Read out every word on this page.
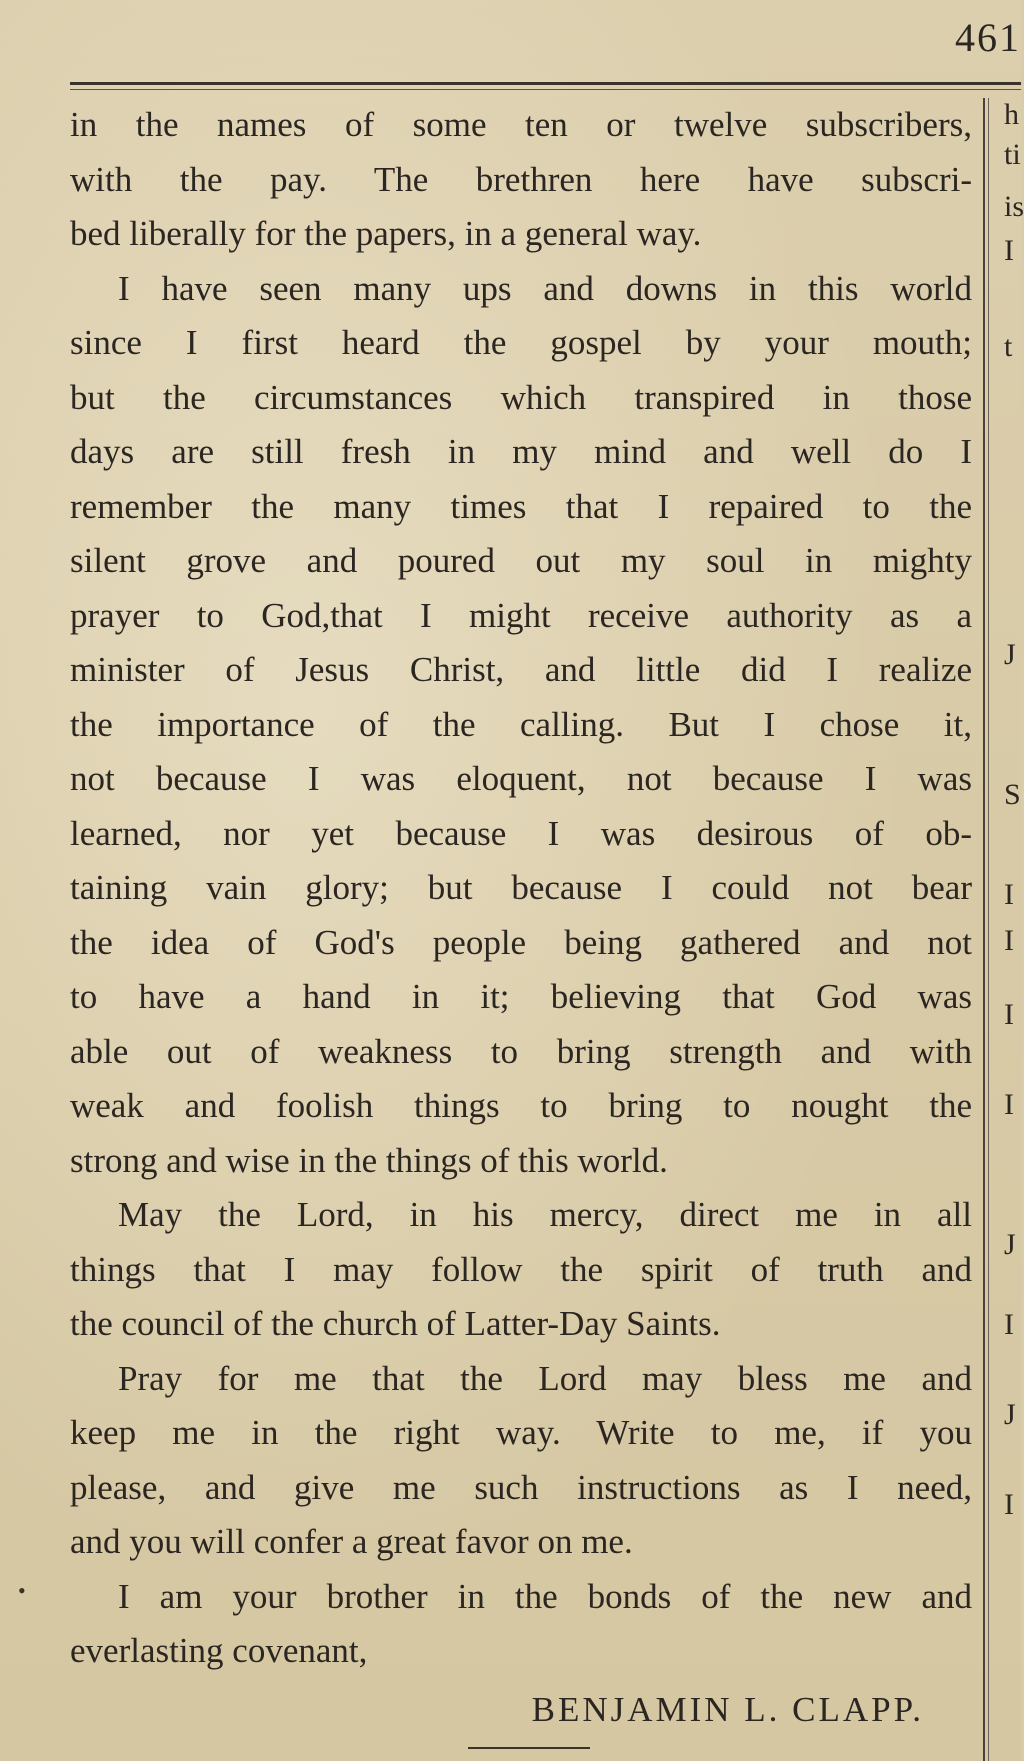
461
in the names of some ten or twelve subscribers,
with the pay. The brethren here have subscri-
bed liberally for the papers, in a general way.
I have seen many ups and downs in this world
since I first heard the gospel by your mouth;
but the circumstances which transpired in those
days are still fresh in my mind and well do I
remember the many times that I repaired to the
silent grove and poured out my soul in mighty
prayer to God,that I might receive authority as a
minister of Jesus Christ, and little did I realize
the importance of the calling. But I chose it,
not because I was eloquent, not because I was
learned, nor yet because I was desirous of ob-
taining vain glory; but because I could not bear
the idea of God's people being gathered and not
to have a hand in it; believing that God was
able out of weakness to bring strength and with
weak and foolish things to bring to nought the
strong and wise in the things of this world.
May the Lord, in his mercy, direct me in all
things that I may follow the spirit of truth and
the council of the church of Latter-Day Saints.
Pray for me that the Lord may bless me and
keep me in the right way. Write to me, if you
please, and give me such instructions as I need,
and you will confer a great favor on me.
I am your brother in the bonds of the new and
everlasting covenant,
BENJAMIN L. CLAPP.
h
ti
is
I
t
J
S
I
I
I
I
J
I
J
I
•
